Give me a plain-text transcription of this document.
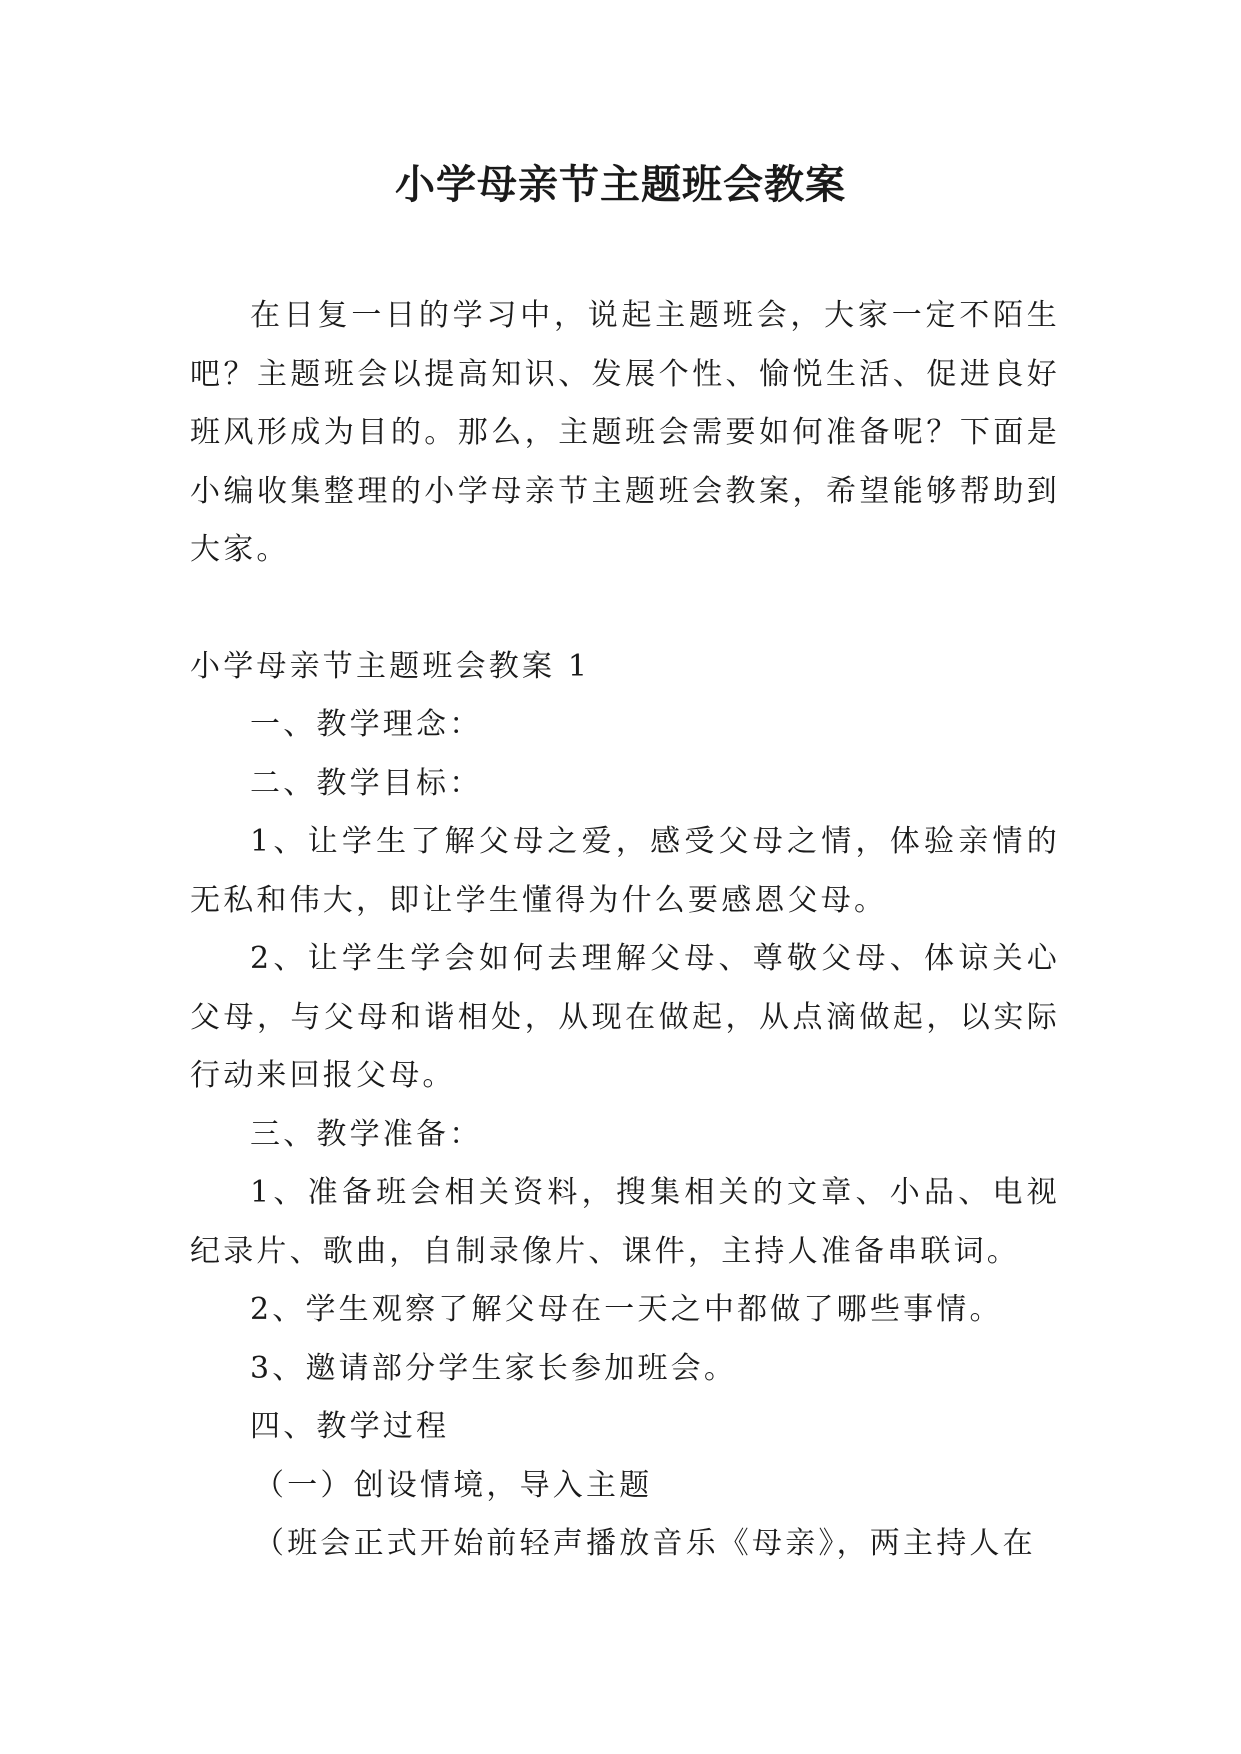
小学母亲节主题班会教案

在日复一日的学习中，说起主题班会，大家一定不陌生吧？主题班会以提高知识、发展个性、愉悦生活、促进良好班风形成为目的。那么，主题班会需要如何准备呢？下面是小编收集整理的小学母亲节主题班会教案，希望能够帮助到大家。

小学母亲节主题班会教案 1

一、教学理念：

二、教学目标：

1、让学生了解父母之爱，感受父母之情，体验亲情的无私和伟大，即让学生懂得为什么要感恩父母。

2、让学生学会如何去理解父母、尊敬父母、体谅关心父母，与父母和谐相处，从现在做起，从点滴做起，以实际行动来回报父母。

三、教学准备：

1、准备班会相关资料，搜集相关的文章、小品、电视纪录片、歌曲，自制录像片、课件，主持人准备串联词。

2、学生观察了解父母在一天之中都做了哪些事情。

3、邀请部分学生家长参加班会。

四、教学过程

（一）创设情境，导入主题

（班会正式开始前轻声播放音乐《母亲》，两主持人在
